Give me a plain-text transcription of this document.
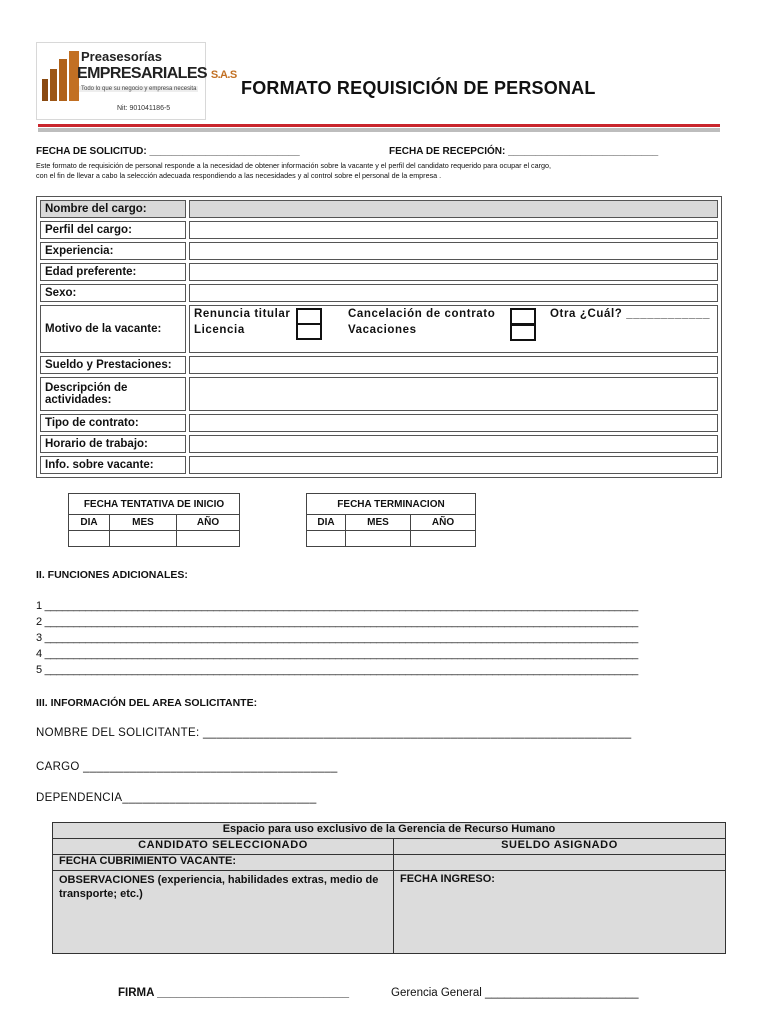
Preasesorías
EMPRESARIALES S.A.S
Todo lo que su negocio y empresa necesita
Nit: 901041186-5
FORMATO REQUISICIÓN DE PERSONAL
FECHA DE SOLICITUD: ___________________________	FECHA DE RECEPCIÓN: ___________________________
Este formato de requisición de personal responde a la necesidad de obtener información sobre la vacante y el perfil del candidato requerido para ocupar el cargo,
con el fin de llevar a cabo la selección adecuada respondiendo a las necesidades y al control sobre el personal de la empresa .
Nombre del cargo:	
Perfil del cargo:	
Experiencia:	
Edad preferente:	
Sexo:	
Motivo de la vacante:	Renuncia titular
Licencia
Cancelación de contrato
Vacaciones
Otra ¿Cuál? ____________

Sueldo y Prestaciones:	
Descripción de actividades:	
Tipo de contrato:	
Horario de trabajo:	
Info. sobre vacante:	
FECHA TENTATIVA DE INICIO		
DIA	MES	AÑO

FECHA TERMINACION		
DIA	MES	AÑO

II. FUNCIONES ADICIONALES:
1 ______________________________________________________________________________________________________
2 ______________________________________________________________________________________________________
3 ______________________________________________________________________________________________________
4 ______________________________________________________________________________________________________
5 ______________________________________________________________________________________________________
III. INFORMACIÓN DEL AREA SOLICITANTE:
NOMBRE DEL SOLICITANTE: ________________________________________________________________
CARGO ______________________________________
DEPENDENCIA_____________________________
Espacio para uso exclusivo de la Gerencia de Recurso Humano	
CANDIDATO SELECCIONADO	SUELDO ASIGNADO
FECHA CUBRIMIENTO VACANTE:	
OBSERVACIONES (experiencia, habilidades extras, medio de transporte; etc.)	FECHA INGRESO:
FIRMA ______________________________	Gerencia General ________________________
